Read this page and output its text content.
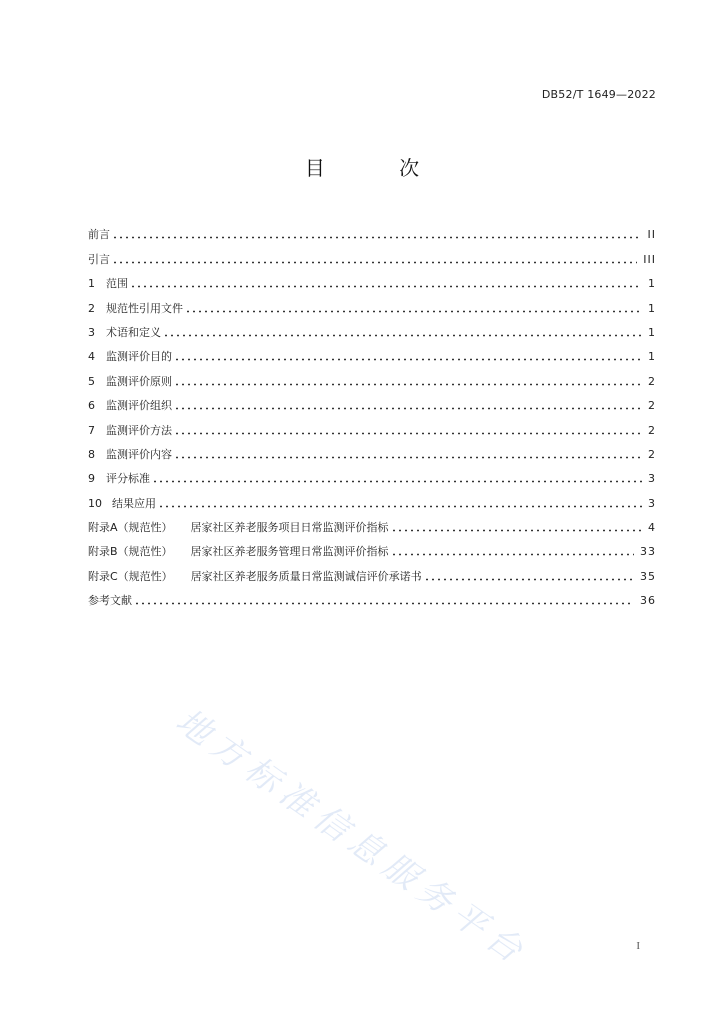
DB52/T 1649—2022
目 次
前言	II
引言	III
1	范围	1
2	规范性引用文件	1
3	术语和定义	1
4	监测评价目的	1
5	监测评价原则	2
6	监测评价组织	2
7	监测评价方法	2
8	监测评价内容	2
9	评分标准	3
10 结果应用	3
附录A（规范性） 居家社区养老服务项目日常监测评价指标	4
附录B（规范性） 居家社区养老服务管理日常监测评价指标	33
附录C（规范性） 居家社区养老服务质量日常监测诚信评价承诺书	35
参考文献	36
地方标准信息服务平台	I
